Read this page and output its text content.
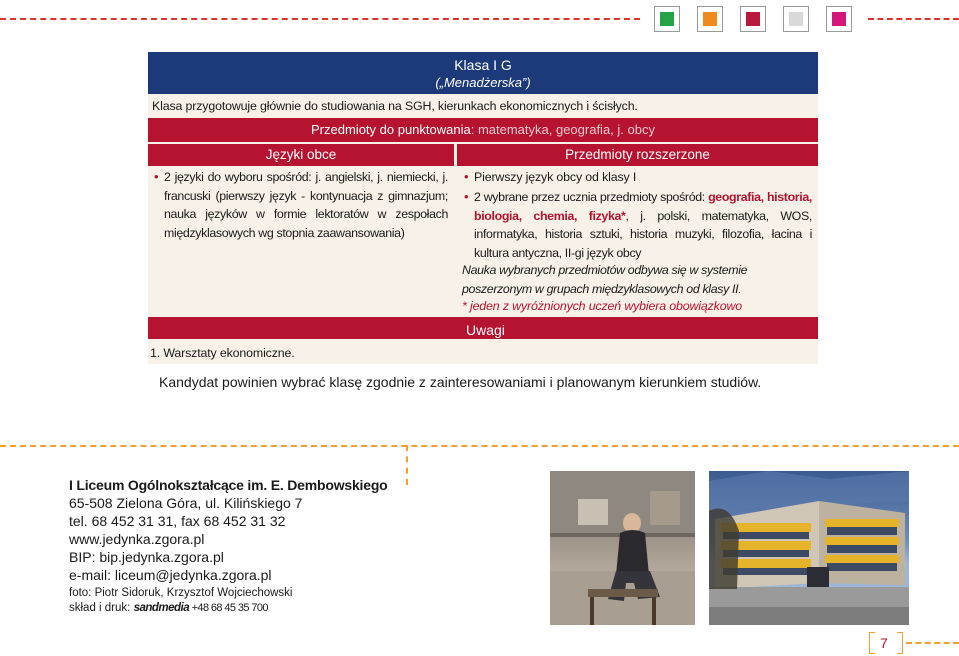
Klasa I G
(„Menadżerska”)
Klasa przygotowuje głównie do studiowania na SGH, kierunkach ekonomicznych i ścisłych.
Przedmioty do punktowania: matematyka, geografia, j. obcy
Języki obce	Przedmioty rozszerzone
• 2 języki do wyboru spośród: j. angielski, j. niemiecki, j. francuski (pierwszy język - kontynuacja z gimnazjum; nauka języków w formie lektoratów w zespołach międzyklasowych wg stopnia zaawansowania)
• Pierwszy język obcy od klasy I
• 2 wybrane przez ucznia przedmioty spośród: geografia, historia, biologia, chemia, fizyka*, j. polski, matematyka, WOS, informatyka, historia sztuki, historia muzyki, filozofia, łacina i kultura antyczna, II-gi język obcy
Nauka wybranych przedmiotów odbywa się w systemie poszerzonym w grupach międzyklasowych od klasy II.
* jeden z wyróżnionych uczeń wybiera obowiązkowo
Uwagi
1. Warsztaty ekonomiczne.
Kandydat powinien wybrać klasę zgodnie z zainteresowaniami i planowanym kierunkiem studiów.
I Liceum Ogólnokształcące im. E. Dembowskiego
65-508 Zielona Góra, ul. Kilińskiego 7
tel. 68 452 31 31, fax 68 452 31 32
www.jedynka.zgora.pl
BIP: bip.jedynka.zgora.pl
e-mail: liceum@jedynka.zgora.pl
foto: Piotr Sidoruk, Krzysztof Wojciechowski
skład i druk: sandmedia +48 68 45 35 700
7
